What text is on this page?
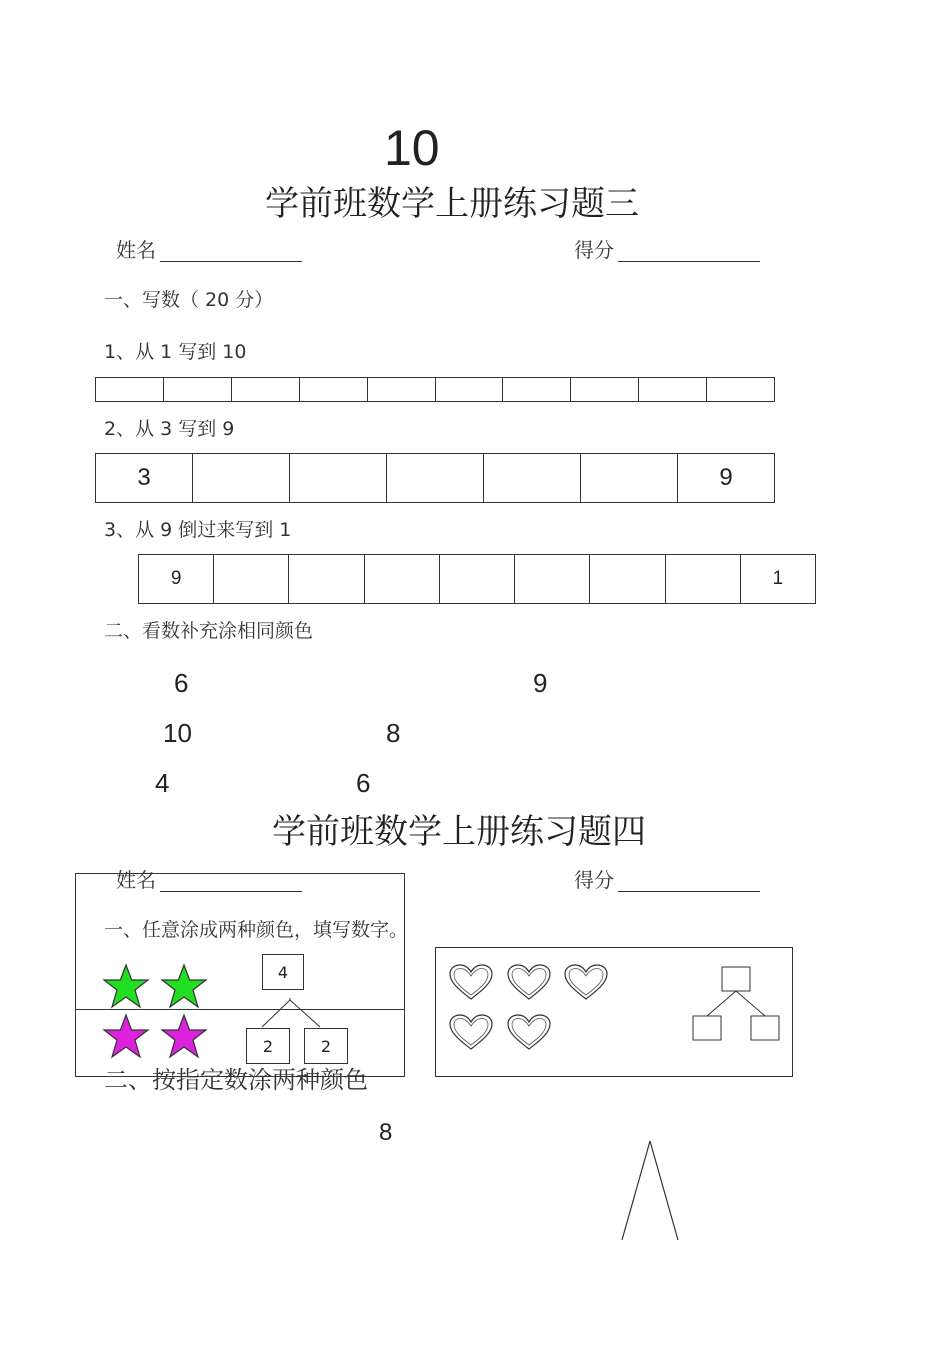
10
学前班数学上册练习题三
姓名	得分
一、写数（ 20 分）
1、从 1 写到 10
2、从 3 写到 9
3	9
3、从 9 倒过来写到 1
9	1
二、看数补充涂相同颜色
6	9
10	8
4	6
学前班数学上册练习题四
姓名	得分
一、任意涂成两种颜色，填写数字。
4
2	2
二、按指定数涂两种颜色
8
